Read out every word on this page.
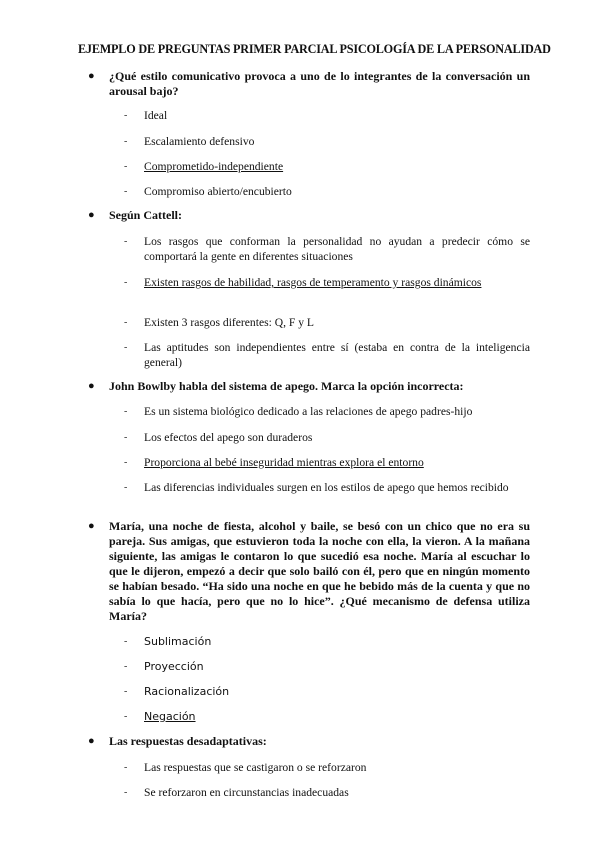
EJEMPLO DE PREGUNTAS PRIMER PARCIAL PSICOLOGÍA DE LA PERSONALIDAD
● ¿Qué estilo comunicativo provoca a uno de lo integrantes de la conversación un arousal bajo?
- Ideal
- Escalamiento defensivo
- Comprometido-independiente
- Compromiso abierto/encubierto
● Según Cattell:
- Los rasgos que conforman la personalidad no ayudan a predecir cómo se comportará la gente en diferentes situaciones
- Existen rasgos de habilidad, rasgos de temperamento y rasgos dinámicos
- Existen 3 rasgos diferentes: Q, F y L
- Las aptitudes son independientes entre sí (estaba en contra de la inteligencia general)
● John Bowlby habla del sistema de apego. Marca la opción incorrecta:
- Es un sistema biológico dedicado a las relaciones de apego padres-hijo
- Los efectos del apego son duraderos
- Proporciona al bebé inseguridad mientras explora el entorno
- Las diferencias individuales surgen en los estilos de apego que hemos recibido
● María, una noche de fiesta, alcohol y baile, se besó con un chico que no era su pareja. Sus amigas, que estuvieron toda la noche con ella, la vieron. A la mañana siguiente, las amigas le contaron lo que sucedió esa noche. María al escuchar lo que le dijeron, empezó a decir que solo bailó con él, pero que en ningún momento se habían besado. “Ha sido una noche en que he bebido más de la cuenta y que no sabía lo que hacía, pero que no lo hice”. ¿Qué mecanismo de defensa utiliza María?
- Sublimación
- Proyección
- Racionalización
- Negación
● Las respuestas desadaptativas:
- Las respuestas que se castigaron o se reforzaron
- Se reforzaron en circunstancias inadecuadas
